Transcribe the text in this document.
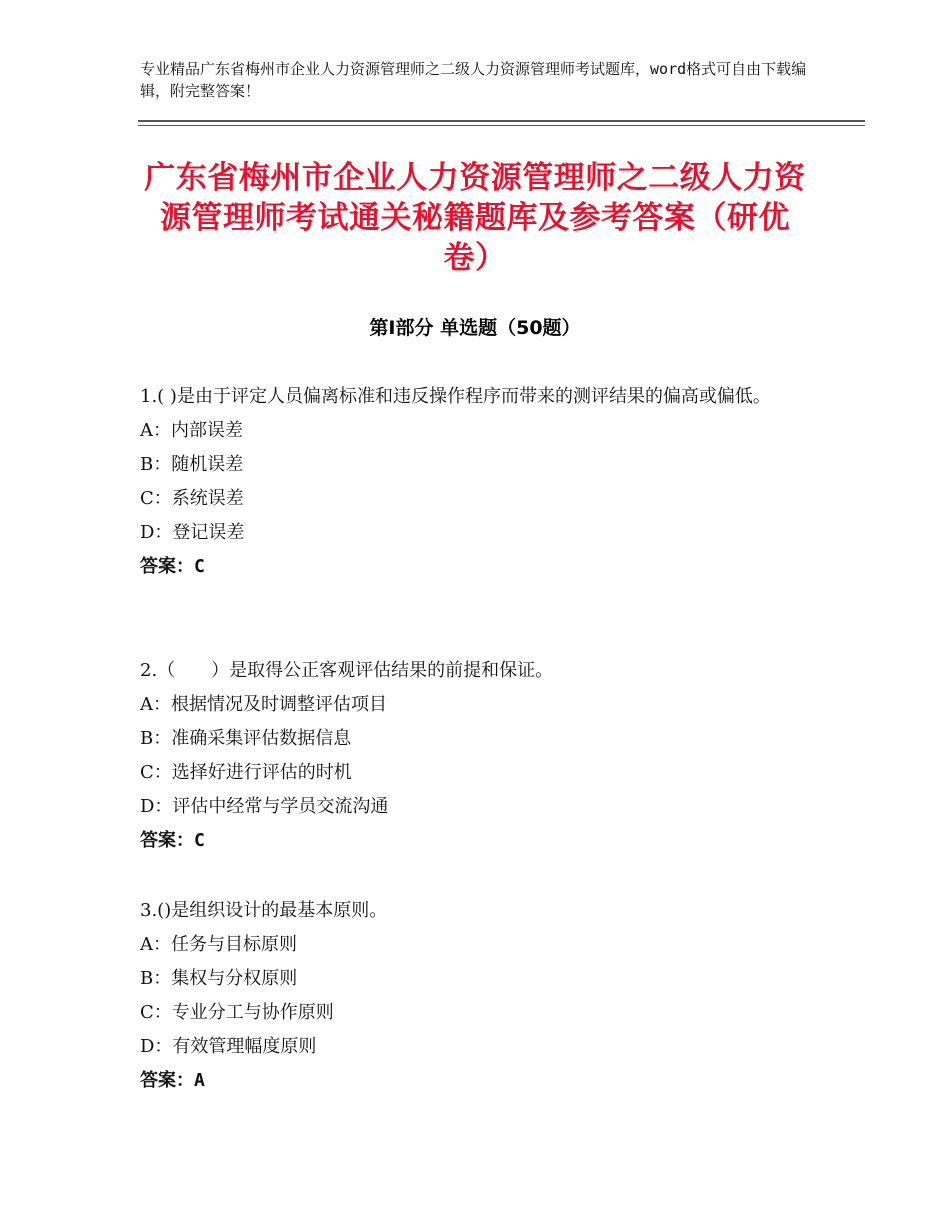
专业精品广东省梅州市企业人力资源管理师之二级人力资源管理师考试题库，word格式可自由下载编辑，附完整答案！
广东省梅州市企业人力资源管理师之二级人力资源管理师考试通关秘籍题库及参考答案（研优卷）
第Ⅰ部分 单选题（50题）
1.( )是由于评定人员偏离标准和违反操作程序而带来的测评结果的偏高或偏低。
A：内部误差
B：随机误差
C：系统误差
D：登记误差
答案：C
2.（　　）是取得公正客观评估结果的前提和保证。
A：根据情况及时调整评估项目
B：准确采集评估数据信息
C：选择好进行评估的时机
D：评估中经常与学员交流沟通
答案：C
3.()是组织设计的最基本原则。
A：任务与目标原则
B：集权与分权原则
C：专业分工与协作原则
D：有效管理幅度原则
答案：A
